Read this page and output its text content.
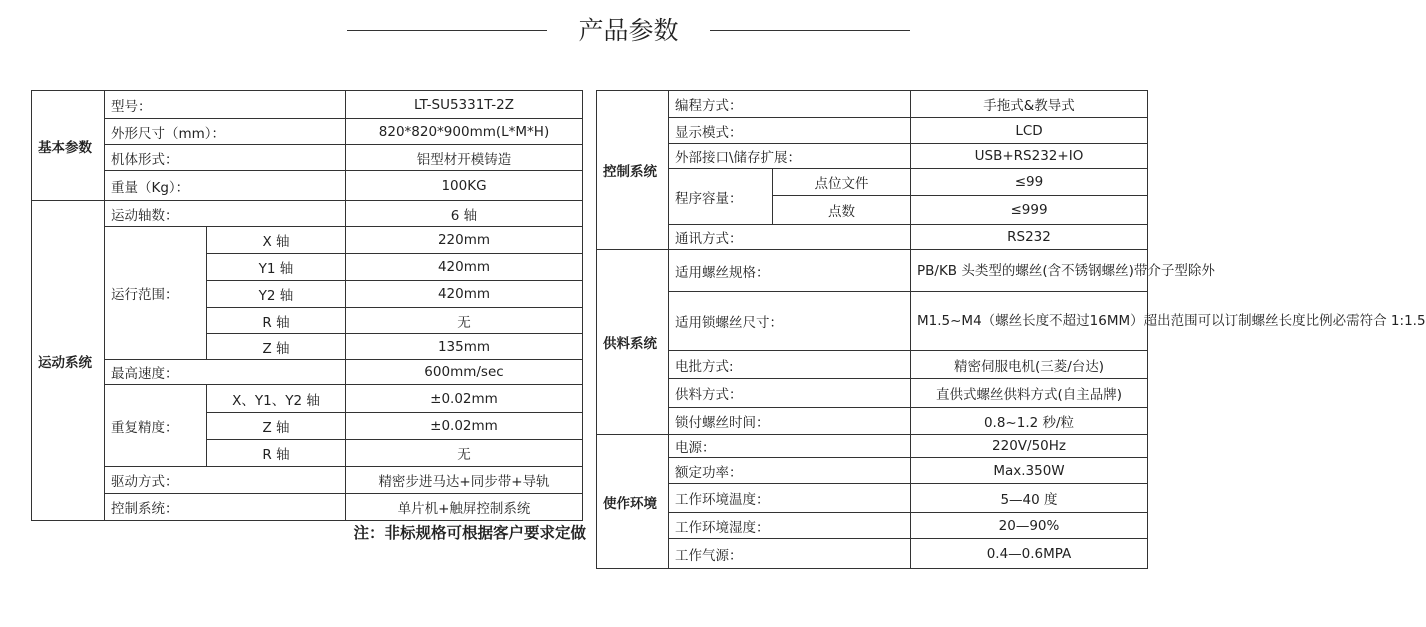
产品参数
基本参数	型号：		LT-SU5331T-2Z
	外形尺寸（mm）：		820*820*900mm(L*M*H)
	机体形式：		铝型材开模铸造
	重量（Kg）：		100KG
运动系统	运动轴数：		6 轴
	运行范围：	X 轴	220mm
		Y1 轴	420mm
		Y2 轴	420mm
		R 轴	无
		Z 轴	135mm
	最高速度：		600mm/sec
	重复精度：	X、Y1、Y2 轴	±0.02mm
		Z 轴	±0.02mm
		R 轴	无
	驱动方式：		精密步进马达+同步带+导轨
	控制系统：		单片机+触屏控制系统
注：非标规格可根据客户要求定做
控制系统	编程方式：		手拖式&教导式
	显示模式：		LCD
	外部接口\储存扩展：		USB+RS232+IO
	程序容量：	点位文件	≤99
		点数	≤999
	通讯方式：		RS232
供料系统	适用螺丝规格：		PB/KB 头类型的螺丝(含不锈钢螺丝)带介子型除外
	适用锁螺丝尺寸：		M1.5~M4（螺丝长度不超过16MM）超出范围可以订制螺丝长度比例必需符合 1:1.5
	电批方式:		精密伺服电机(三菱/台达)
	供料方式：		直供式螺丝供料方式(自主品牌)
	锁付螺丝时间：		0.8~1.2 秒/粒
使作环境	电源：		220V/50Hz
	额定功率：		Max.350W
	工作环境温度：		5—40 度
	工作环境湿度：		20—90%
	工作气源：		0.4—0.6MPA
